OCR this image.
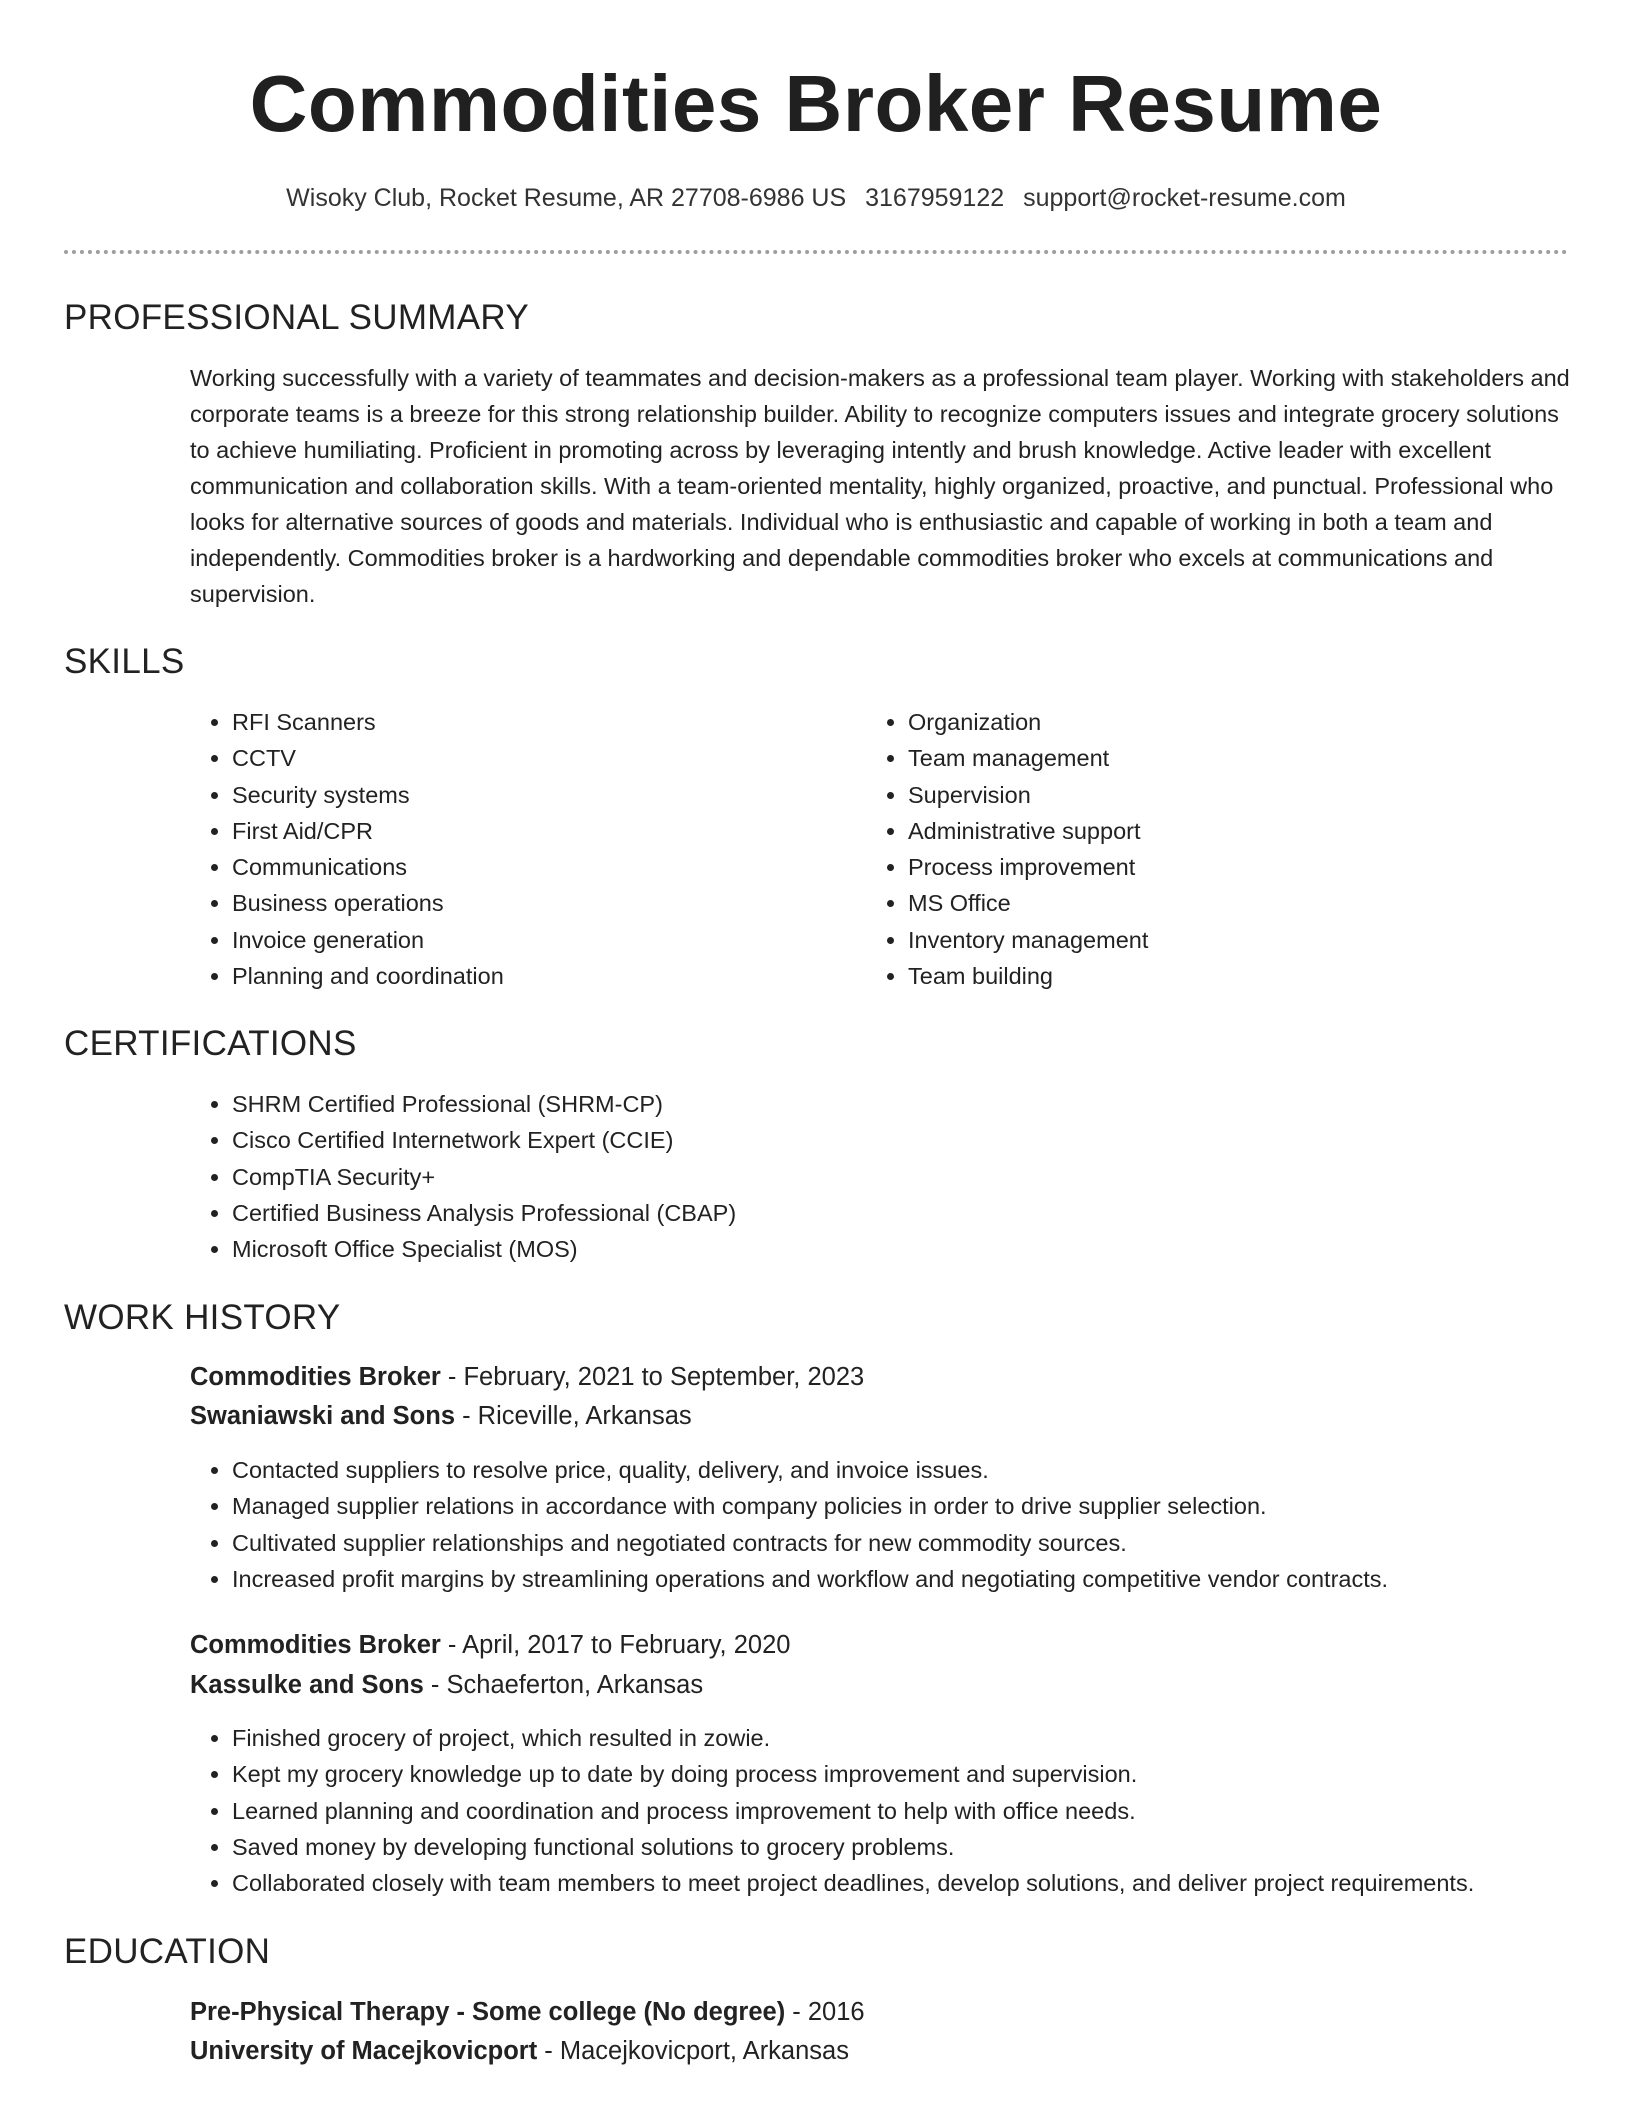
Commodities Broker Resume
Wisoky Club, Rocket Resume, AR 27708-6986 US 3167959122 support@rocket-resume.com
PROFESSIONAL SUMMARY

Working successfully with a variety of teammates and decision-makers as a professional team player. Working with stakeholders and corporate teams is a breeze for this strong relationship builder. Ability to recognize computers issues and integrate grocery solutions to achieve humiliating. Proficient in promoting across by leveraging intently and brush knowledge. Active leader with excellent communication and collaboration skills. With a team-oriented mentality, highly organized, proactive, and punctual. Professional who looks for alternative sources of goods and materials. Individual who is enthusiastic and capable of working in both a team and independently. Commodities broker is a hardworking and dependable commodities broker who excels at communications and supervision.

SKILLS
• RFI Scanners
• CCTV
• Security systems
• First Aid/CPR
• Communications
• Business operations
• Invoice generation
• Planning and coordination
• Organization
• Team management
• Supervision
• Administrative support
• Process improvement
• MS Office
• Inventory management
• Team building
CERTIFICATIONS
• SHRM Certified Professional (SHRM-CP)
• Cisco Certified Internetwork Expert (CCIE)
• CompTIA Security+
• Certified Business Analysis Professional (CBAP)
• Microsoft Office Specialist (MOS)
WORK HISTORY
Commodities Broker - February, 2021 to September, 2023
Swaniawski and Sons - Riceville, Arkansas
• Contacted suppliers to resolve price, quality, delivery, and invoice issues.
• Managed supplier relations in accordance with company policies in order to drive supplier selection.
• Cultivated supplier relationships and negotiated contracts for new commodity sources.
• Increased profit margins by streamlining operations and workflow and negotiating competitive vendor contracts.
Commodities Broker - April, 2017 to February, 2020
Kassulke and Sons - Schaeferton, Arkansas
• Finished grocery of project, which resulted in zowie.
• Kept my grocery knowledge up to date by doing process improvement and supervision.
• Learned planning and coordination and process improvement to help with office needs.
• Saved money by developing functional solutions to grocery problems.
• Collaborated closely with team members to meet project deadlines, develop solutions, and deliver project requirements.
EDUCATION
Pre-Physical Therapy - Some college (No degree) - 2016
University of Macejkovicport - Macejkovicport, Arkansas
